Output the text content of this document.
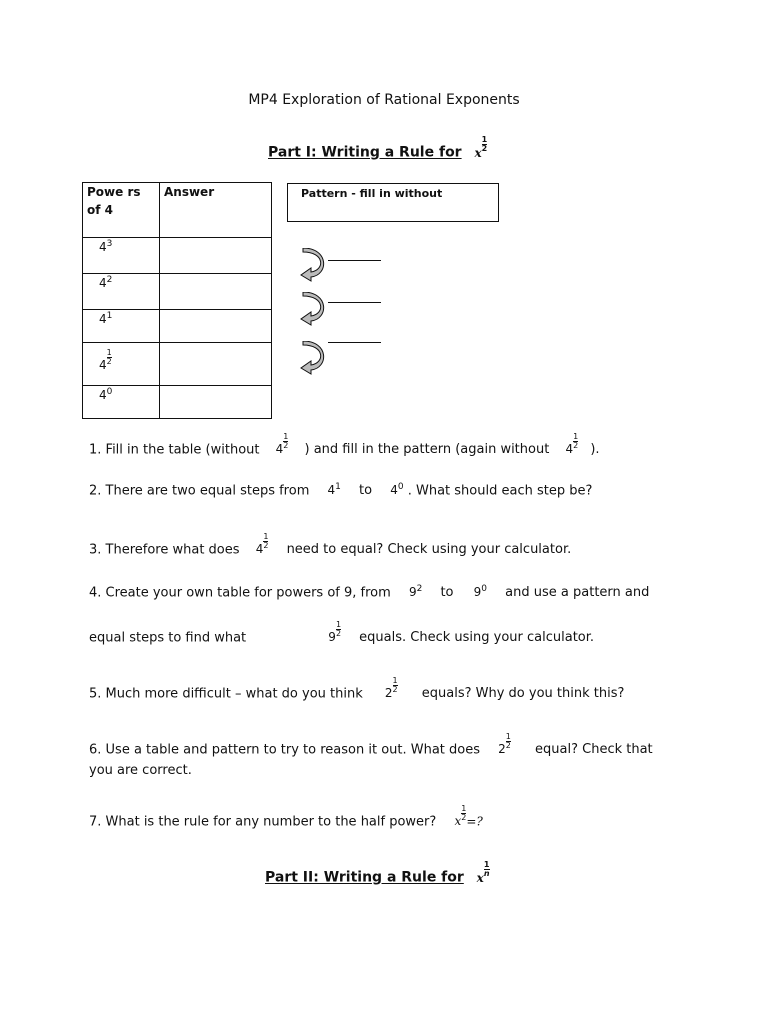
MP4 Exploration of Rational Exponents
Part I: Writing a Rule for x $\frac{1}{2}$
Powe rs of 4	Answer
$4^3$	
$4^2$	
$4^1$	
$4 \frac{1}{2}$

$4^0$	
Pattern - fill in without
1. Fill in the table (without $4 \frac{1}{2}$ ) and fill in the pattern (again without $4 \frac{1}{2}$ ).
2. There are two equal steps from $4^1$ to $4^0$ . What should each step be?
3. Therefore what does $4 \frac{1}{2}$ need to equal? Check using your calculator.
4. Create your own table for powers of 9, from $9^2$ to $9^0$ and use a pattern and
equal steps to find what	$9 \frac{1}{2}$ equals. Check using your calculator.
5. Much more difficult – what do you think $2 \frac{1}{2}$ equals? Why do you think this?
6. Use a table and pattern to try to reason it out. What does $2 \frac{1}{2}$ equal? Check that
you are correct.
7. What is the rule for any number to the half power? x $\frac{1}{2}$ =?
Part II: Writing a Rule for x $\frac{1}{n}$
